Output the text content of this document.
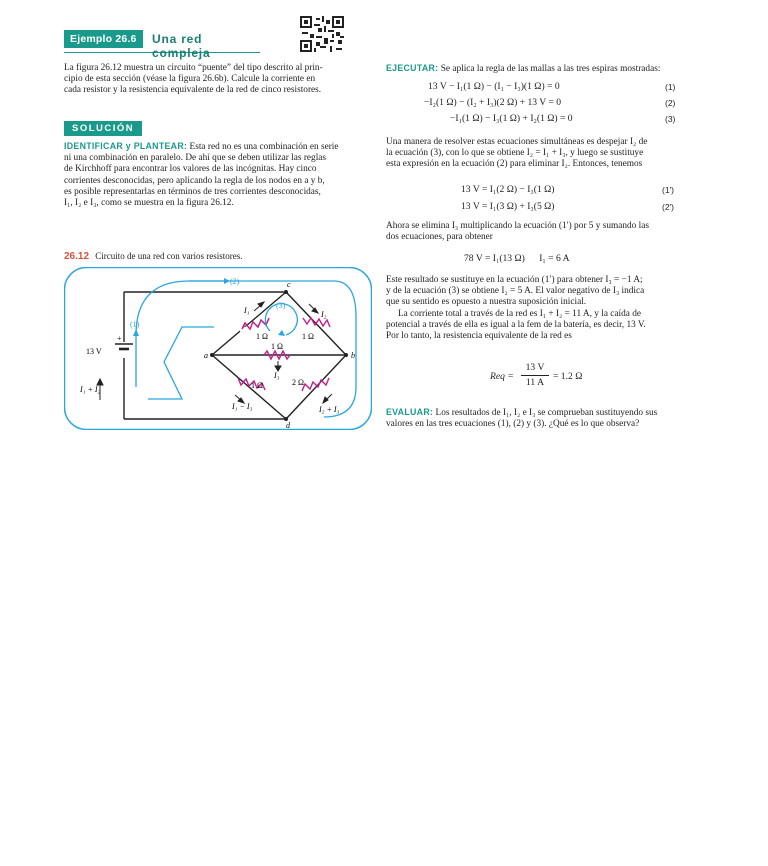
Ejemplo 26.6	Una red compleja
La figura 26.12 muestra un circuito “puente” del tipo descrito al prin-
cipio de esta sección (véase la figura 26.6b). Calcule la corriente en
cada resistor y la resistencia equivalente de la red de cinco resistores.
SOLUCIÓN
IDENTIFICAR y PLANTEAR: Esta red no es una combinación en serie
ni una combinación en paralelo. De ahí que se deben utilizar las reglas
de Kirchhoff para encontrar los valores de las incógnitas. Hay cinco
corrientes desconocidas, pero aplicando la regla de los nodos en a y b,
es posible representarlas en términos de tres corrientes desconocidas,
I₁, I₂ e I₃, como se muestra en la figura 26.12.
26.12 Circuito de una red con varios resistores.
+
13 V
1 Ω	1 Ω
1 Ω
1 Ω	2 Ω
c
a	b
d
I₁	I₂
I₃
I₁ − I₃	I₂ + I₃
I₁ + I₂
(2)
(1)
(3)
EJECUTAR: Se aplica la regla de las mallas a las tres espiras mostradas:
13 V − I₁(1 Ω) − (I₁ − I₃)(1 Ω) = 0	(1)
−I₂(1 Ω) − (I₂ + I₃)(2 Ω) + 13 V = 0	(2)
−I₁(1 Ω) − I₃(1 Ω) + I₂(1 Ω) = 0	(3)
Una manera de resolver estas ecuaciones simultáneas es despejar I₂ de
la ecuación (3), con lo que se obtiene I₂ = I₁ + I₃, y luego se sustituye
esta expresión en la ecuación (2) para eliminar I₂. Entonces, tenemos
13 V = I₁(2 Ω) − I₃(1 Ω)	(1′)
13 V = I₁(3 Ω) + I₃(5 Ω)	(2′)
Ahora se elimina I₃ multiplicando la ecuación (1′) por 5 y sumando las
dos ecuaciones, para obtener
78 V = I₁(13 Ω)      I₁ = 6 A
Este resultado se sustituye en la ecuación (1′) para obtener I₃ = −1 A;
y de la ecuación (3) se obtiene I₂ = 5 A. El valor negativo de I₃ indica
que su sentido es opuesto a nuestra suposición inicial.
La corriente total a través de la red es I₁ + I₂ = 11 A, y la caída de
potencial a través de ella es igual a la fem de la batería, es decir, 13 V.
Por lo tanto, la resistencia equivalente de la red es
Req =
13 V
11 A
= 1.2 Ω
EVALUAR: Los resultados de I₁, I₂ e I₃ se comprueban sustituyendo sus
valores en las tres ecuaciones (1), (2) y (3). ¿Qué es lo que observa?
